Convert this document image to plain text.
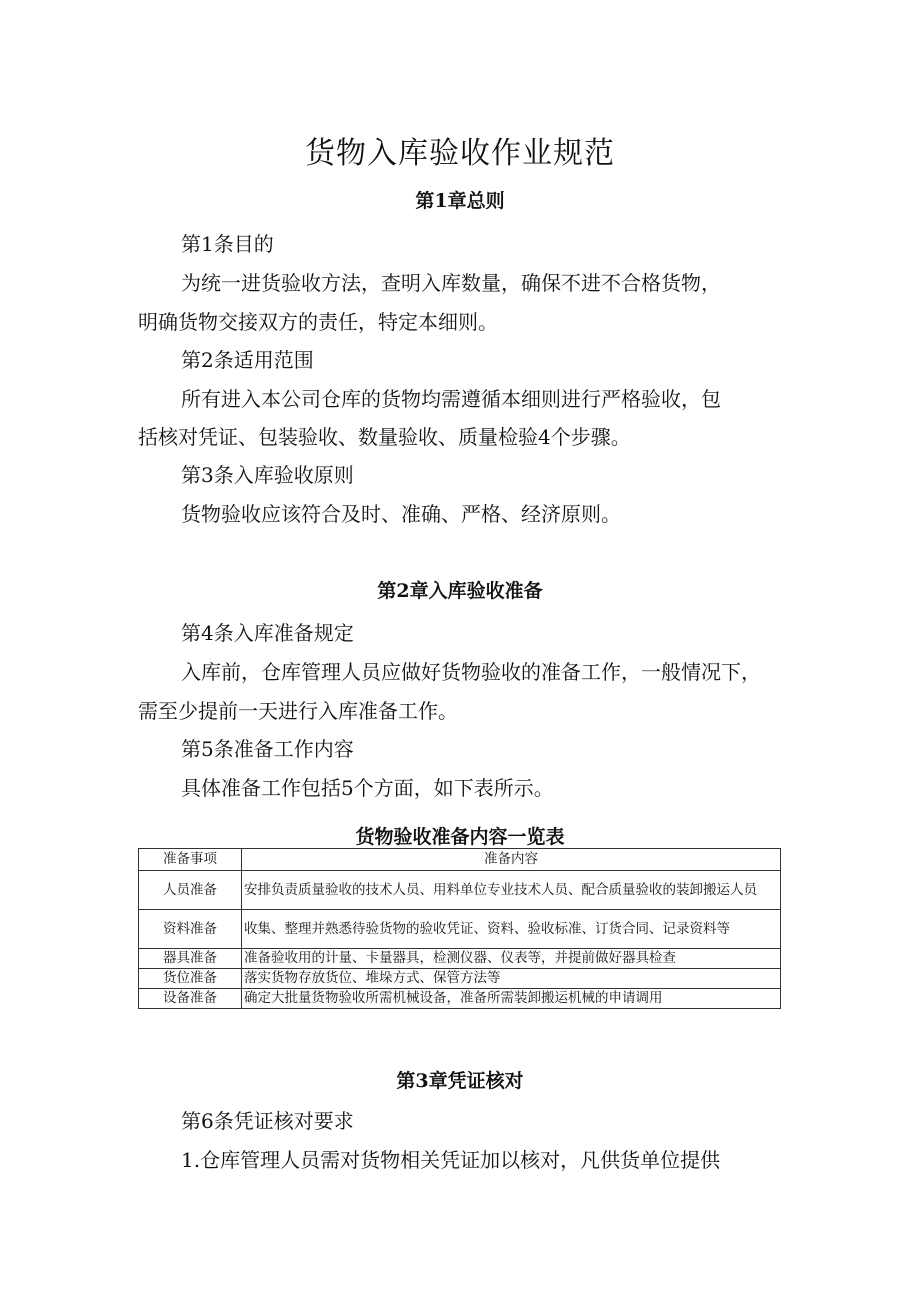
货物入库验收作业规范
第1章总则

第1条目的

为统一进货验收方法，查明入库数量，确保不进不合格货物，

明确货物交接双方的责任，特定本细则。

第2条适用范围

所有进入本公司仓库的货物均需遵循本细则进行严格验收，包

括核对凭证、包装验收、数量验收、质量检验4个步骤。

第3条入库验收原则

货物验收应该符合及时、准确、严格、经济原则。

第2章入库验收准备

第4条入库准备规定

入库前，仓库管理人员应做好货物验收的准备工作，一般情况下，

需至少提前一天进行入库准备工作。

第5条准备工作内容

具体准备工作包括5个方面，如下表所示。

货物验收准备内容一览表
准备事项	准备内容
人员准备	安排负责质量验收的技术人员、用料单位专业技术人员、配合质量验收的装卸搬运人员
资料准备	收集、整理并熟悉待验货物的验收凭证、资料、验收标准、订货合同、记录资料等
器具准备	准备验收用的计量、卡量器具，检测仪器、仪表等，并提前做好器具检查
货位准备	落实货物存放货位、堆垛方式、保管方法等
设备准备	确定大批量货物验收所需机械设备，准备所需装卸搬运机械的申请调用
第3章凭证核对

第6条凭证核对要求

1.仓库管理人员需对货物相关凭证加以核对，凡供货单位提供
